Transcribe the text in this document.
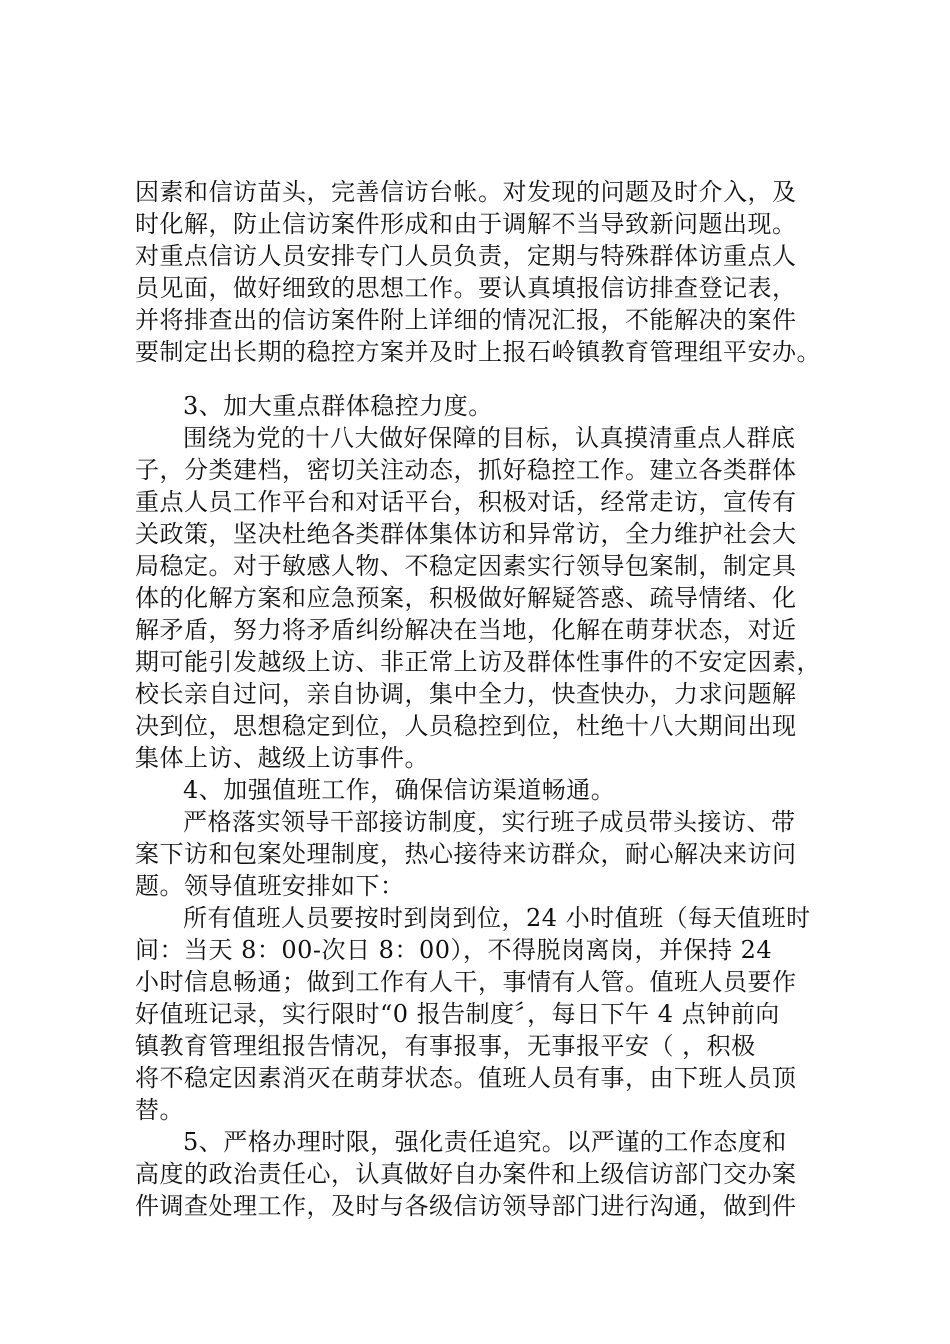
因素和信访苗头，完善信访台帐。对发现的问题及时介入，及
时化解，防止信访案件形成和由于调解不当导致新问题出现。
对重点信访人员安排专门人员负责，定期与特殊群体访重点人
员见面，做好细致的思想工作。要认真填报信访排查登记表，
并将排查出的信访案件附上详细的情况汇报，不能解决的案件
要制定出长期的稳控方案并及时上报石岭镇教育管理组平安办。
3、加大重点群体稳控力度。
围绕为党的十八大做好保障的目标，认真摸清重点人群底
子，分类建档，密切关注动态，抓好稳控工作。建立各类群体
重点人员工作平台和对话平台，积极对话，经常走访，宣传有
关政策，坚决杜绝各类群体集体访和异常访，全力维护社会大
局稳定。对于敏感人物、不稳定因素实行领导包案制，制定具
体的化解方案和应急预案，积极做好解疑答惑、疏导情绪、化
解矛盾，努力将矛盾纠纷解决在当地，化解在萌芽状态，对近
期可能引发越级上访、非正常上访及群体性事件的不安定因素，
校长亲自过问，亲自协调，集中全力，快查快办，力求问题解
决到位，思想稳定到位，人员稳控到位，杜绝十八大期间出现
集体上访、越级上访事件。
4、加强值班工作，确保信访渠道畅通。
严格落实领导干部接访制度，实行班子成员带头接访、带
案下访和包案处理制度，热心接待来访群众，耐心解决来访问
题。领导值班安排如下：
所有值班人员要按时到岗到位，24 小时值班（每天值班时
间：当天 8：00-次日 8：00），不得脱岗离岗，并保持 24
小时信息畅通；做到工作有人干，事情有人管。值班人员要作
好值班记录，实行限时“0 报告制度〞，每日下午 4 点钟前向
镇教育管理组报告情况，有事报事，无事报平安（ ，积极
将不稳定因素消灭在萌芽状态。值班人员有事，由下班人员顶
替。
5、严格办理时限，强化责任追究。以严谨的工作态度和
高度的政治责任心，认真做好自办案件和上级信访部门交办案
件调查处理工作，及时与各级信访领导部门进行沟通，做到件
